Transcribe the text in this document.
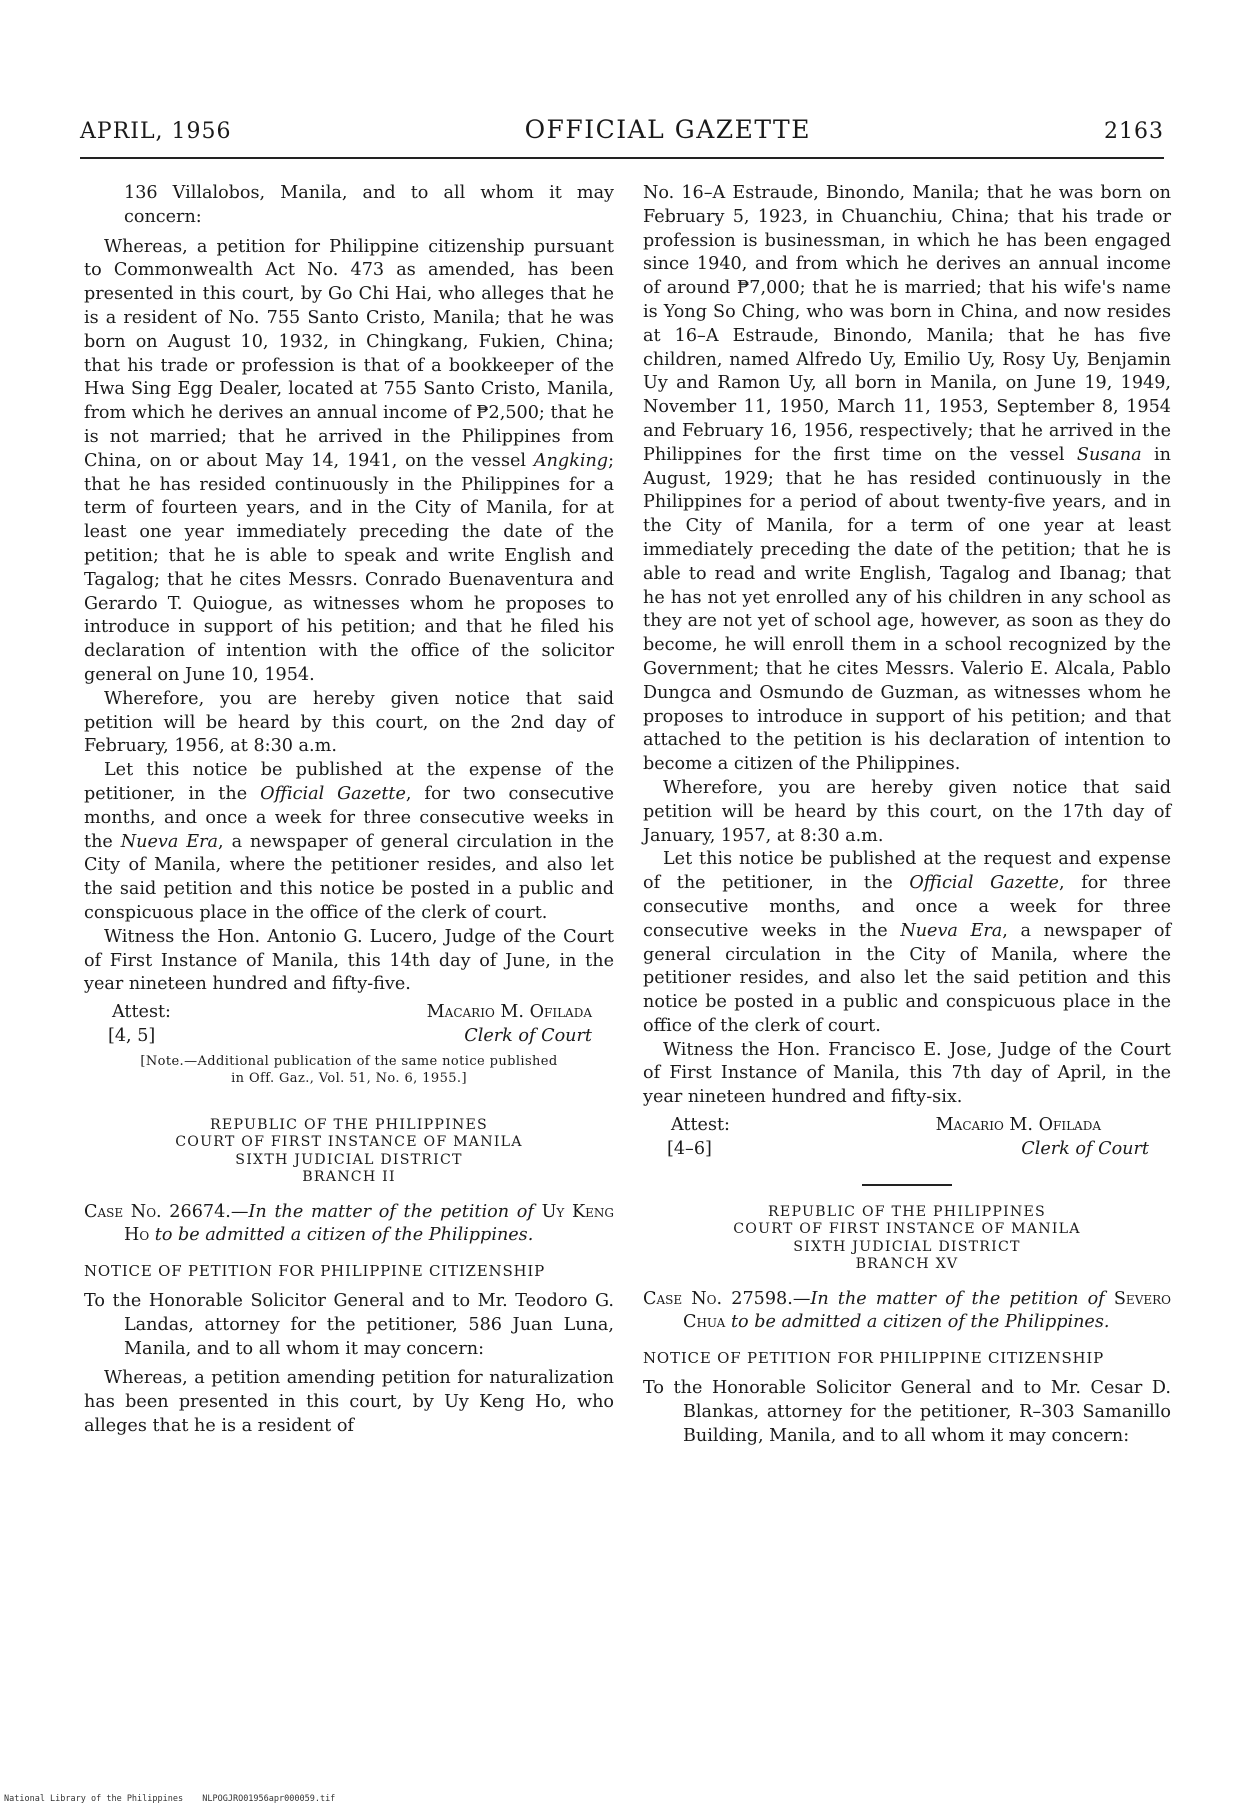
APRIL, 1956	OFFICIAL GAZETTE	2163

136 Villalobos, Manila, and to all whom it may concern:

Whereas, a petition for Philippine citizenship pursuant to Commonwealth Act No. 473 as amended, has been presented in this court, by Go Chi Hai, who alleges that he is a resident of No. 755 Santo Cristo, Manila; that he was born on August 10, 1932, in Chingkang, Fukien, China; that his trade or profession is that of a bookkeeper of the Hwa Sing Egg Dealer, located at 755 Santo Cristo, Manila, from which he derives an annual income of ₱2,500; that he is not married; that he arrived in the Philippines from China, on or about May 14, 1941, on the vessel Angking; that he has resided continuously in the Philippines for a term of fourteen years, and in the City of Manila, for at least one year immediately preceding the date of the petition; that he is able to speak and write English and Tagalog; that he cites Messrs. Conrado Buenaventura and Gerardo T. Quiogue, as witnesses whom he proposes to introduce in support of his petition; and that he filed his declaration of intention with the office of the solicitor general on June 10, 1954.

Wherefore, you are hereby given notice that said petition will be heard by this court, on the 2nd day of February, 1956, at 8:30 a.m.

Let this notice be published at the expense of the petitioner, in the Official Gazette, for two consecutive months, and once a week for three consecutive weeks in the Nueva Era, a newspaper of general circulation in the City of Manila, where the petitioner resides, and also let the said petition and this notice be posted in a public and conspicuous place in the office of the clerk of court.

Witness the Hon. Antonio G. Lucero, Judge of the Court of First Instance of Manila, this 14th day of June, in the year nineteen hundred and fifty-five.

Attest:	Macario M. Ofilada
[4, 5]	Clerk of Court
[Note.—Additional publication of the same notice published
in Off. Gaz., Vol. 51, No. 6, 1955.]
REPUBLIC OF THE PHILIPPINES
COURT OF FIRST INSTANCE OF MANILA
SIXTH JUDICIAL DISTRICT
BRANCH II

Case No. 26674.—In the matter of the petition of Uy Keng Ho to be admitted a citizen of the Philippines.

NOTICE OF PETITION FOR PHILIPPINE CITIZENSHIP

To the Honorable Solicitor General and to Mr. Teodoro G. Landas, attorney for the petitioner, 586 Juan Luna, Manila, and to all whom it may concern:

Whereas, a petition amending petition for naturalization has been presented in this court, by Uy Keng Ho, who alleges that he is a resident of

No. 16–A Estraude, Binondo, Manila; that he was born on February 5, 1923, in Chuanchiu, China; that his trade or profession is businessman, in which he has been engaged since 1940, and from which he derives an annual income of around ₱7,000; that he is married; that his wife's name is Yong So Ching, who was born in China, and now resides at 16–A Estraude, Binondo, Manila; that he has five children, named Alfredo Uy, Emilio Uy, Rosy Uy, Benjamin Uy and Ramon Uy, all born in Manila, on June 19, 1949, November 11, 1950, March 11, 1953, September 8, 1954 and February 16, 1956, respectively; that he arrived in the Philippines for the first time on the vessel Susana in August, 1929; that he has resided continuously in the Philippines for a period of about twenty-five years, and in the City of Manila, for a term of one year at least immediately preceding the date of the petition; that he is able to read and write English, Tagalog and Ibanag; that he has not yet enrolled any of his children in any school as they are not yet of school age, however, as soon as they do become, he will enroll them in a school recognized by the Government; that he cites Messrs. Valerio E. Alcala, Pablo Dungca and Osmundo de Guzman, as witnesses whom he proposes to introduce in support of his petition; and that attached to the petition is his declaration of intention to become a citizen of the Philippines.

Wherefore, you are hereby given notice that said petition will be heard by this court, on the 17th day of January, 1957, at 8:30 a.m.

Let this notice be published at the request and expense of the petitioner, in the Official Gazette, for three consecutive months, and once a week for three consecutive weeks in the Nueva Era, a newspaper of general circulation in the City of Manila, where the petitioner resides, and also let the said petition and this notice be posted in a public and conspicuous place in the office of the clerk of court.

Witness the Hon. Francisco E. Jose, Judge of the Court of First Instance of Manila, this 7th day of April, in the year nineteen hundred and fifty-six.

Attest:	Macario M. Ofilada
[4–6]	Clerk of Court
REPUBLIC OF THE PHILIPPINES
COURT OF FIRST INSTANCE OF MANILA
SIXTH JUDICIAL DISTRICT
BRANCH XV

Case No. 27598.—In the matter of the petition of Severo Chua to be admitted a citizen of the Philippines.

NOTICE OF PETITION FOR PHILIPPINE CITIZENSHIP

To the Honorable Solicitor General and to Mr. Cesar D. Blankas, attorney for the petitioner, R–303 Samanillo Building, Manila, and to all whom it may concern:

National Library of the Philippines NLPOGJRO01956apr000059.tif
